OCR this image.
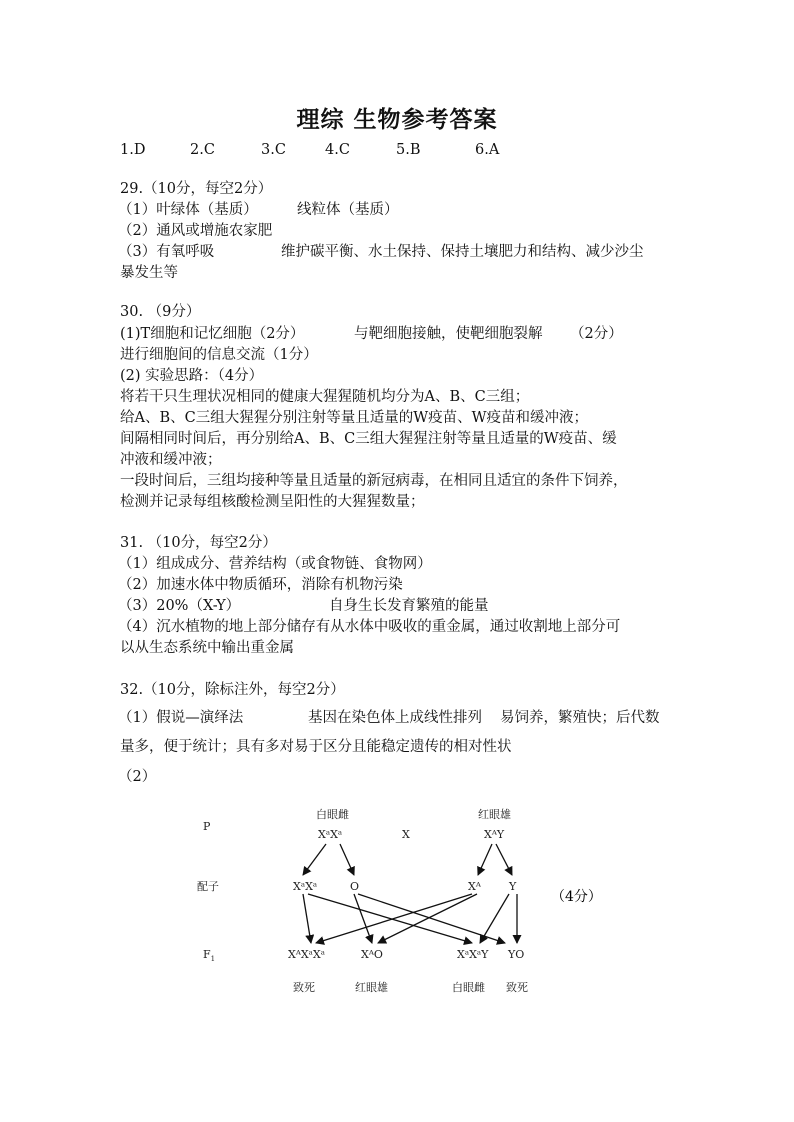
理综 生物参考答案
1.D	2.C	3.C	4.C	5.B	6.A
29.（10分，每空2分）
（1）叶绿体（基质）	线粒体（基质）
（2）通风或增施农家肥
（3）有氧呼吸	维护碳平衡、水土保持、保持土壤肥力和结构、减少沙尘
暴发生等
30. （9分）
(1)T细胞和记忆细胞（2分）	与靶细胞接触，使靶细胞裂解 （2分）
进行细胞间的信息交流（1分）
(2) 实验思路：（4分）
将若干只生理状况相同的健康大猩猩随机均分为A、B、C三组；
给A、B、C三组大猩猩分别注射等量且适量的W疫苗、W疫苗和缓冲液；
间隔相同时间后，再分别给A、B、C三组大猩猩注射等量且适量的W疫苗、缓
冲液和缓冲液；
一段时间后，三组均接种等量且适量的新冠病毒，在相同且适宜的条件下饲养，
检测并记录每组核酸检测呈阳性的大猩猩数量；
31. （10分，每空2分）
（1）组成成分、营养结构（或食物链、食物网）
（2）加速水体中物质循环，消除有机物污染
（3）20%（X-Y）	自身生长发育繁殖的能量
（4）沉水植物的地上部分储存有从水体中吸收的重金属，通过收割地上部分可
以从生态系统中输出重金属
32.（10分，除标注外，每空2分）
（1）假说—演绎法	基因在染色体上成线性排列 易饲养，繁殖快；后代数
量多，便于统计；具有多对易于区分且能稳定遗传的相对性状
（2）
P
配子
$F_1$
白眼雌	红眼雄
XᵃXᵃ	X	XᴬY
XᵃXᵃ	O	Xᴬ	Y
XᴬXᵃXᵃ	XᴬO	XᵃXᵃY YO
致死	红眼雄	白眼雌 致死
（4分）
